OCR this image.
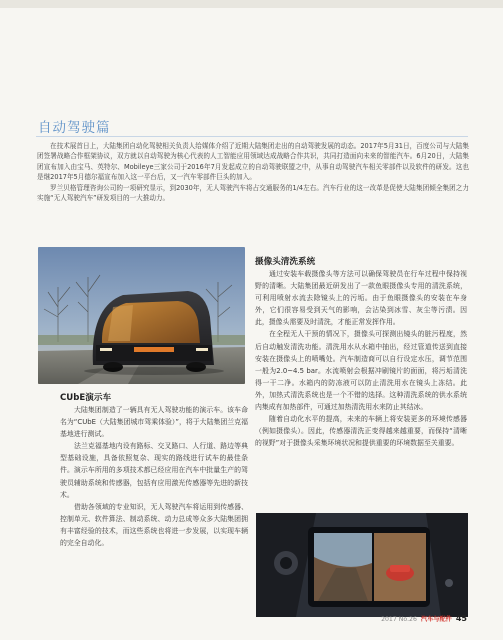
自动驾驶篇

在技术展首日上，大陆集团自动化驾驶相关负责人给媒体介绍了近期大陆集团走出的自动驾驶发展的动态。2017年5月31日，百度公司与大陆集团签署战略合作框架协议，双方就以自动驾驶为核心代表的人工智能应用领域达成战略合作共识，共同打造面向未来的智能汽车。6月20日，大陆集团宣布加入由宝马、英特尔、Mobileye三家公司于2016年7月发起成立的自动驾驶联盟之中，从事自动驾驶汽车相关零部件以及软件的研发。这也是继2017年5月德尔福宣布加入这一平台后，又一汽车零部件巨头的加入。

罗兰贝格管理咨询公司的一项研究显示，到2030年，无人驾驶汽车将占交通服务的1/4左右。汽车行业的这一改革是促使大陆集团倾全集团之力实施“无人驾驶汽车”研发项目的一大推动力。

CUbE演示车

大陆集团制造了一辆具有无人驾驶功能的演示车。该车命名为“CUbE（大陆集团城市驾乘体验）”，将于大陆集团兰克福基地进行测试。

法兰克福基地内设有路标、交叉路口、人行道、路边等典型基础设施，具备依照复杂、现实的路线进行试车的最佳条件。演示车所用的多项技术都已经应用在汽车中批量生产的驾驶员辅助系统和传感器，包括有应用激光传感器等先进的新技术。

借助各领域的专业知识，无人驾驶汽车将运用到传感器、控制单元、软件算法、制动系统、动力总成等众多大陆集团拥有丰富经验的技术，而这些系统也将进一步发展，以实现车辆的完全自动化。

摄像头清洗系统

通过安装车载摄像头等方法可以确保驾驶员在行车过程中保持视野的清晰。大陆集团最近研发出了一款鱼眼摄像头专用的清洗系统，可利用喷射水流去除镜头上的污垢。由于鱼眼摄像头的安装在车身外，它们很容易受到天气的影响，会沾染到冰雪、灰尘等污渍。因此，摄像头需要及时清洗，才能正常发挥作用。

在全程无人干预的情况下，摄像头可探测出镜头的脏污程度，然后自动触发清洗功能。清洗用水从水箱中抽出，经过管道传送到直接安装在摄像头上的喷嘴处。汽车制造商可以自行设定水压，调节范围一般为2.0~4.5 bar。水流喷射会根据冲刷镜片的面面，将污垢清洗得一干二净。水箱内的防冻液可以防止清洗用水在镜头上冻结。此外，加热式清洗系统也是一个不错的选择。这种清洗系统的供水系统内集成有加热部件，可通过加热清洗用水来防止其结冰。

随着自动化水平的提高，未来的车辆上将安装更多的环境传感器（例如摄像头）。因此，传感器清洗正变得越来越重要，而保持“清晰的视野”对于摄像头采集环境状况和提供重要的环境数据至关重要。

2017 No.26 汽车与配件 45
